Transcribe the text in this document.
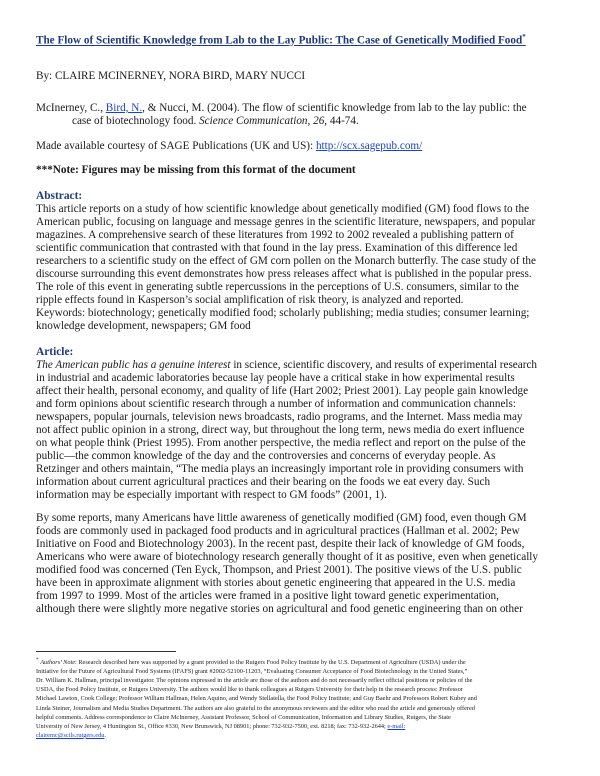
The Flow of Scientific Knowledge from Lab to the Lay Public: The Case of Genetically Modified Food*
By: CLAIRE MCINERNEY, NORA BIRD, MARY NUCCI
McInerney, C., Bird, N., & Nucci, M. (2004). The flow of scientific knowledge from lab to the lay public: the
case of biotechnology food. Science Communication, 26, 44-74.
Made available courtesy of SAGE Publications (UK and US): http://scx.sagepub.com/
***Note: Figures may be missing from this format of the document
Abstract:
This article reports on a study of how scientific knowledge about genetically modified (GM) food flows to the
American public, focusing on language and message genres in the scientific literature, newspapers, and popular
magazines. A comprehensive search of these literatures from 1992 to 2002 revealed a publishing pattern of
scientific communication that contrasted with that found in the lay press. Examination of this difference led
researchers to a scientific study on the effect of GM corn pollen on the Monarch butterfly. The case study of the
discourse surrounding this event demonstrates how press releases affect what is published in the popular press.
The role of this event in generating subtle repercussions in the perceptions of U.S. consumers, similar to the
ripple effects found in Kasperson’s social amplification of risk theory, is analyzed and reported.
Keywords: biotechnology; genetically modified food; scholarly publishing; media studies; consumer learning;
knowledge development, newspapers; GM food
Article:
The American public has a genuine interest in science, scientific discovery, and results of experimental research
in industrial and academic laboratories because lay people have a critical stake in how experimental results
affect their health, personal economy, and quality of life (Hart 2002; Priest 2001). Lay people gain knowledge
and form opinions about scientific research through a number of information and communication channels:
newspapers, popular journals, television news broadcasts, radio programs, and the Internet. Mass media may
not affect public opinion in a strong, direct way, but throughout the long term, news media do exert influence
on what people think (Priest 1995). From another perspective, the media reflect and report on the pulse of the
public—the common knowledge of the day and the controversies and concerns of everyday people. As
Retzinger and others maintain, “The media plays an increasingly important role in providing consumers with
information about current agricultural practices and their bearing on the foods we eat every day. Such
information may be especially important with respect to GM foods” (2001, 1).
By some reports, many Americans have little awareness of genetically modified (GM) food, even though GM
foods are commonly used in packaged food products and in agricultural practices (Hallman et al. 2002; Pew
Initiative on Food and Biotechnology 2003). In the recent past, despite their lack of knowledge of GM foods,
Americans who were aware of biotechnology research generally thought of it as positive, even when genetically
modified food was concerned (Ten Eyck, Thompson, and Priest 2001). The positive views of the U.S. public
have been in approximate alignment with stories about genetic engineering that appeared in the U.S. media
from 1997 to 1999. Most of the articles were framed in a positive light toward genetic experimentation,
although there were slightly more negative stories on agricultural and food genetic engineering than on other
* Authors’ Note: Research described here was supported by a grant provided to the Rutgers Food Policy Institute by the U.S. Department of Agriculture (USDA) under the
Initiative for the Future of Agricultural Food Systems (IFAFS) grant #2002-52100-11203, “Evaluating Consumer Acceptance of Food Biotechnology in the United States,”
Dr. William K. Hallman, principal investigator. The opinions expressed in the article are those of the authors and do not necessarily reflect official positions or policies of the
USDA, the Food Policy Institute, or Rutgers University. The authors would like to thank colleagues at Rutgers University for their help in the research process: Professor
Michael Lawton, Cook College; Professor William Hallman, Helen Aquino, and Wendy Stellatella, the Food Policy Institute; and Guy Baehr and Professors Robert Kubey and
Linda Steiner, Journalism and Media Studies Department. The authors are also grateful to the anonymous reviewers and the editor who read the article and generously offered
helpful comments. Address correspondence to Claire McInerney, Assistant Professor, School of Communication, Information and Library Studies, Rutgers, the State
University of New Jersey, 4 Huntington St., Office #330, New Brunswick, NJ 08901; phone: 732-932-7500, ext. 8218; fax: 732-932-2644; e-mail:
clairemc@scils.rutgers.edu.
